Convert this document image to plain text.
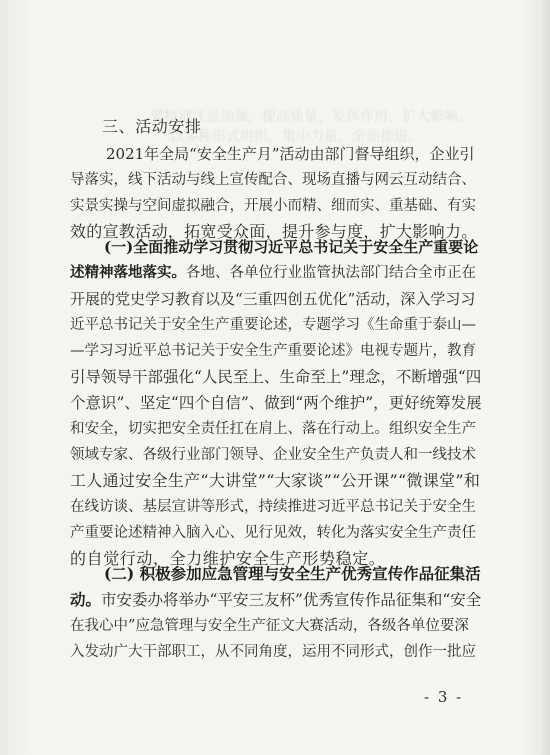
要特别注意加强，提高质量，发挥作用，扩大影响。
以多种形式组织，集中力量，全面推进。
三、活动安排
2021年全局“安全生产月”活动由部门督导组织，企业引
导落实，线下活动与线上宣传配合、现场直播与网云互动结合、
实景实操与空间虚拟融合，开展小而精、细而实、重基础、有实
效的宣教活动，拓宽受众面，提升参与度，扩大影响力。
(一)全面推动学习贯彻习近平总书记关于安全生产重要论
述精神落地落实。各地、各单位行业监管执法部门结合全市正在
开展的党史学习教育以及“三重四创五优化”活动，深入学习习
近平总书记关于安全生产重要论述，专题学习《生命重于泰山—
—学习习近平总书记关于安全生产重要论述》电视专题片，教育
引导领导干部强化“人民至上、生命至上”理念，不断增强“四
个意识”、坚定“四个自信”、做到“两个维护”，更好统筹发展
和安全，切实把安全责任扛在肩上、落在行动上。组织安全生产
领域专家、各级行业部门领导、企业安全生产负责人和一线技术
工人通过安全生产“大讲堂”“大家谈”“公开课”“微课堂”和
在线访谈、基层宣讲等形式，持续推进习近平总书记关于安全生
产重要论述精神入脑入心、见行见效，转化为落实安全生产责任
的自觉行动，全力维护安全生产形势稳定。
(二) 积极参加应急管理与安全生产优秀宣传作品征集活
动。市安委办将举办“平安三友杯”优秀宣传作品征集和“安全
在我心中”应急管理与安全生产征文大赛活动，各级各单位要深
入发动广大干部职工，从不同角度，运用不同形式，创作一批应
- 3 -
